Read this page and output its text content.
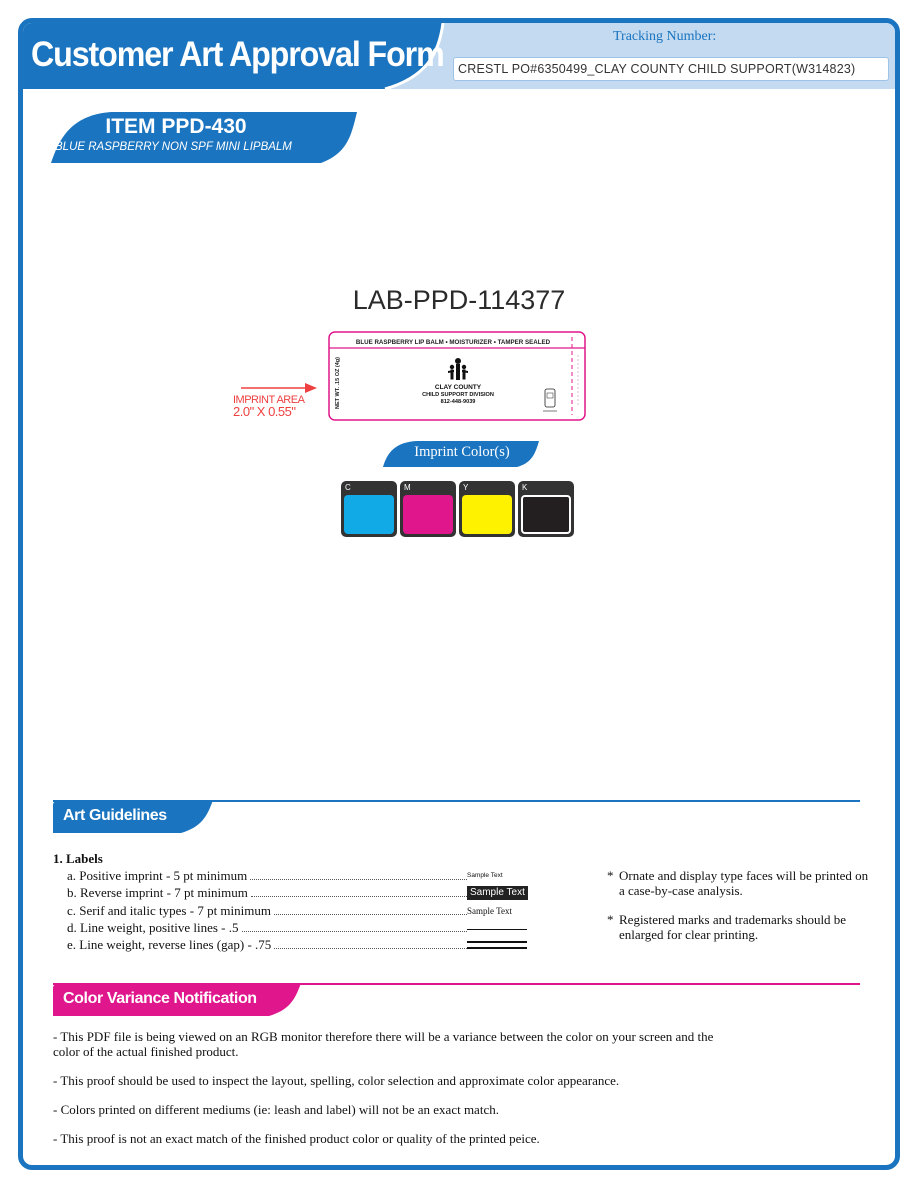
Customer Art Approval Form	Tracking Number:
CRESTL PO#6350499_CLAY COUNTY CHILD SUPPORT(W314823)
ITEM PPD-430
BLUE RASPBERRY NON SPF MINI LIPBALM
LAB-PPD-114377
IMPRINT AREA
2.0" X 0.55"
BLUE RASPBERRY LIP BALM • MOISTURIZER • TAMPER SEALED
NET WT. .15 OZ (4g)	CLAY COUNTY
CHILD SUPPORT DIVISION
812-448-9039
Imprint Color(s)
C	M	Y	K
Art Guidelines
1. Labels
a. Positive imprint - 5 pt minimum
b. Reverse imprint - 7 pt minimum
c. Serif and italic types - 7 pt minimum
d. Line weight, positive lines - .5
e. Line weight, reverse lines (gap) - .75
Sample Text
Sample Text
Sample Text
* Ornate and display type faces will be printed on a case-by-case analysis.
* Registered marks and trademarks should be enlarged for clear printing.
Color Variance Notification
- This PDF file is being viewed on an RGB monitor therefore there will be a variance between the color on your screen and the color of the actual finished product.
- This proof should be used to inspect the layout, spelling, color selection and approximate color appearance.
- Colors printed on different mediums (ie: leash and label) will not be an exact match.
- This proof is not an exact match of the finished product color or quality of the printed peice.
